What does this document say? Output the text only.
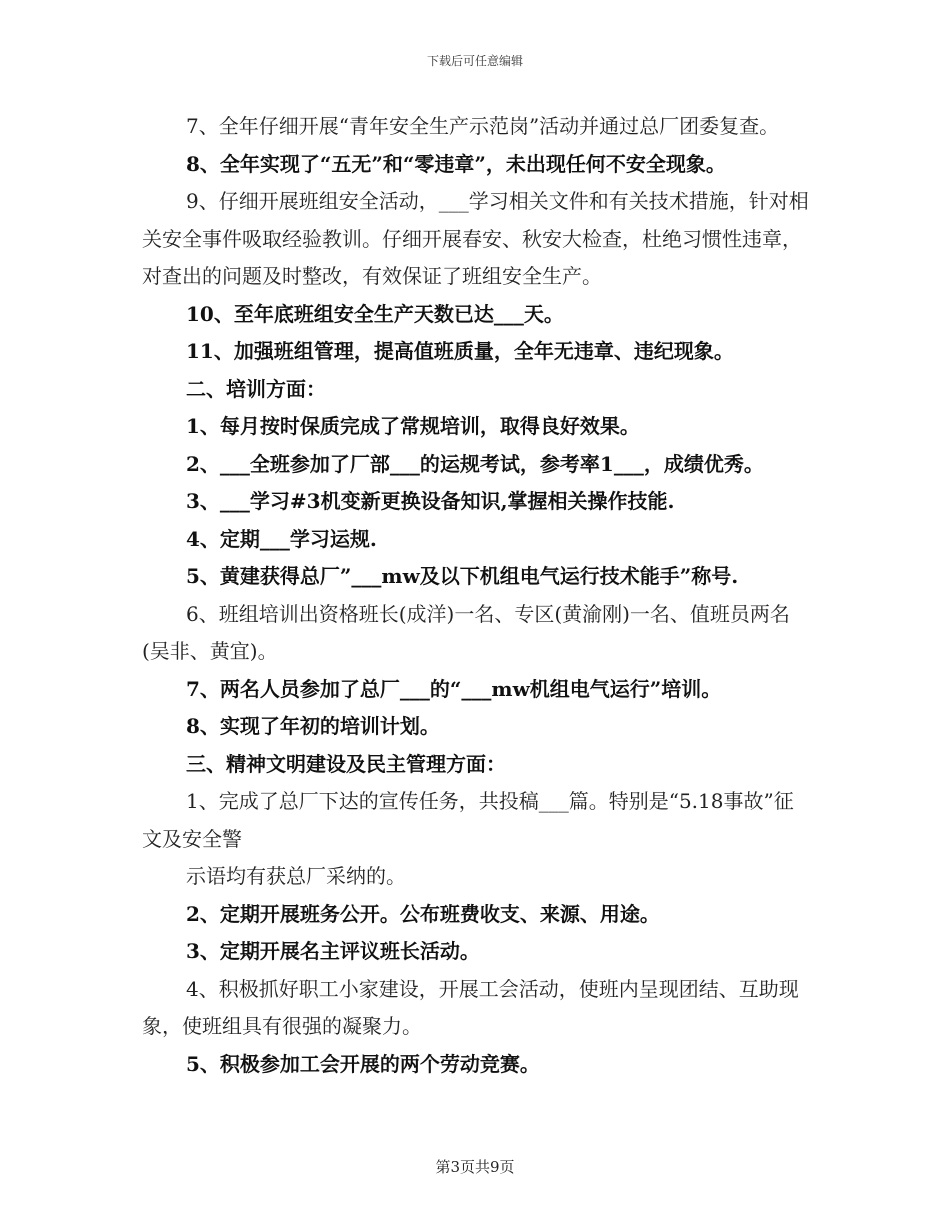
下载后可任意编辑

7、全年仔细开展“青年安全生产示范岗”活动并通过总厂团委复查。

8、全年实现了“五无”和“零违章”，未出现任何不安全现象。

9、仔细开展班组安全活动，___学习相关文件和有关技术措施，针对相关安全事件吸取经验教训。仔细开展春安、秋安大检查，杜绝习惯性违章，对查出的问题及时整改，有效保证了班组安全生产。

10、至年底班组安全生产天数已达___天。

11、加强班组管理，提高值班质量，全年无违章、违纪现象。

二、培训方面：

1、每月按时保质完成了常规培训，取得良好效果。

2、___全班参加了厂部___的运规考试，参考率1___，成绩优秀。

3、___学习#3机变新更换设备知识,掌握相关操作技能.

4、定期___学习运规.

5、黄建获得总厂”___mw及以下机组电气运行技术能手”称号.

6、班组培训出资格班长(成洋)一名、专区(黄渝刚)一名、值班员两名(吴非、黄宜)。

7、两名人员参加了总厂___的“___mw机组电气运行”培训。

8、实现了年初的培训计划。

三、精神文明建设及民主管理方面：

1、完成了总厂下达的宣传任务，共投稿___篇。特别是“5.18事故”征文及安全警

示语均有获总厂采纳的。

2、定期开展班务公开。公布班费收支、来源、用途。

3、定期开展名主评议班长活动。

4、积极抓好职工小家建设，开展工会活动，使班内呈现团结、互助现象，使班组具有很强的凝聚力。

5、积极参加工会开展的两个劳动竞赛。

第3页共9页
